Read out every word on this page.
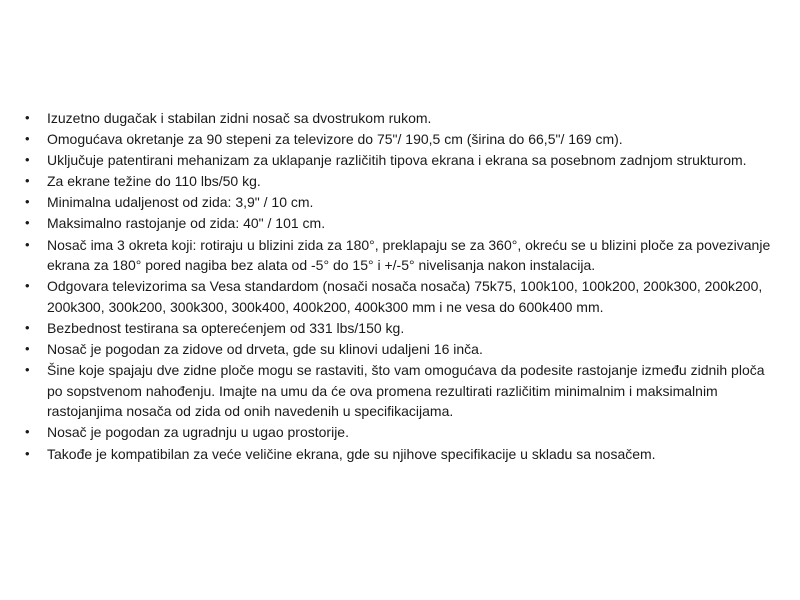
• Izuzetno dugačak i stabilan zidni nosač sa dvostrukom rukom.
• Omogućava okretanje za 90 stepeni za televizore do 75"/ 190,5 cm (širina do 66,5"/ 169 cm).
• Uključuje patentirani mehanizam za uklapanje različitih tipova ekrana i ekrana sa posebnom zadnjom strukturom.
• Za ekrane težine do 110 lbs/50 kg.
• Minimalna udaljenost od zida: 3,9" / 10 cm.
• Maksimalno rastojanje od zida: 40" / 101 cm.
• Nosač ima 3 okreta koji: rotiraju u blizini zida za 180°, preklapaju se za 360°, okreću se u blizini ploče za povezivanje ekrana za 180° pored nagiba bez alata od -5° do 15° i +/-5° nivelisanja nakon instalacija.
• Odgovara televizorima sa Vesa standardom (nosači nosača nosača) 75k75, 100k100, 100k200, 200k300, 200k200, 200k300, 300k200, 300k300, 300k400, 400k200, 400k300 mm i ne vesa do 600k400 mm.
• Bezbednost testirana sa opterećenjem od 331 lbs/150 kg.
• Nosač je pogodan za zidove od drveta, gde su klinovi udaljeni 16 inča.
• Šine koje spajaju dve zidne ploče mogu se rastaviti, što vam omogućava da podesite rastojanje između zidnih ploča po sopstvenom nahođenju. Imajte na umu da će ova promena rezultirati različitim minimalnim i maksimalnim rastojanjima nosača od zida od onih navedenih u specifikacijama.
• Nosač je pogodan za ugradnju u ugao prostorije.
• Takođe je kompatibilan za veće veličine ekrana, gde su njihove specifikacije u skladu sa nosačem.
